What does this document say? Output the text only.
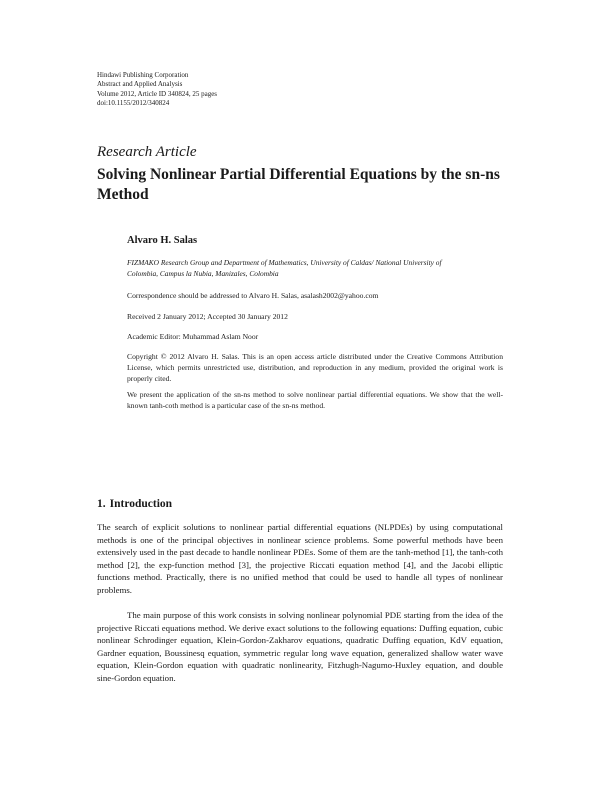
Hindawi Publishing Corporation
Abstract and Applied Analysis
Volume 2012, Article ID 340824, 25 pages
doi:10.1155/2012/340824
Research Article
Solving Nonlinear Partial Differential Equations by the sn-ns Method
Alvaro H. Salas
FIZMAKO Research Group and Department of Mathematics, University of Caldas/ National University of Colombia, Campus la Nubia, Manizales, Colombia
Correspondence should be addressed to Alvaro H. Salas, asalash2002@yahoo.com
Received 2 January 2012; Accepted 30 January 2012
Academic Editor: Muhammad Aslam Noor
Copyright © 2012 Alvaro H. Salas. This is an open access article distributed under the Creative Commons Attribution License, which permits unrestricted use, distribution, and reproduction in any medium, provided the original work is properly cited.
We present the application of the sn-ns method to solve nonlinear partial differential equations. We show that the well-known tanh-coth method is a particular case of the sn-ns method.
1. Introduction
The search of explicit solutions to nonlinear partial differential equations (NLPDEs) by using computational methods is one of the principal objectives in nonlinear science problems. Some powerful methods have been extensively used in the past decade to handle nonlinear PDEs. Some of them are the tanh-method [1], the tanh-coth method [2], the exp-function method [3], the projective Riccati equation method [4], and the Jacobi elliptic functions method. Practically, there is no unified method that could be used to handle all types of nonlinear problems.
The main purpose of this work consists in solving nonlinear polynomial PDE starting from the idea of the projective Riccati equations method. We derive exact solutions to the following equations: Duffing equation, cubic nonlinear Schrodinger equation, Klein-Gordon-Zakharov equations, quadratic Duffing equation, KdV equation, Gardner equation, Boussinesq equation, symmetric regular long wave equation, generalized shallow water wave equation, Klein-Gordon equation with quadratic nonlinearity, Fitzhugh-Nagumo-Huxley equation, and double sine-Gordon equation.
